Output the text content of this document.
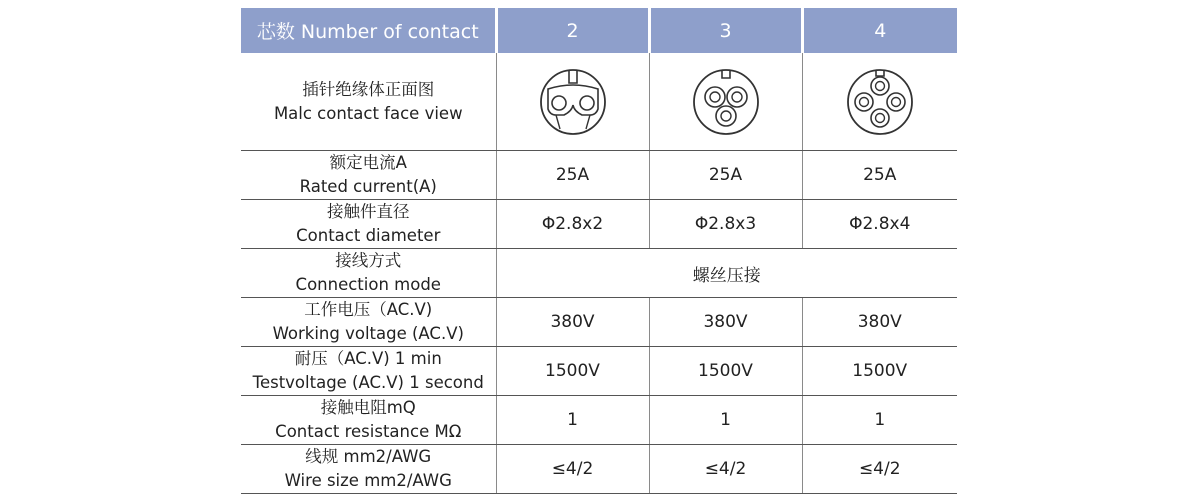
芯数 Number of contact	2	3	4

插针绝缘体正面图
Malc contact face view

额定电流A
Rated current(A)	25A	25A	25A

接触件直径
Contact diameter	Φ2.8x2	Φ2.8x3	Φ2.8x4

接线方式
Connection mode	螺丝压接		

工作电压（AC.V)
Working voltage (AC.V)	380V	380V	380V

耐压（AC.V) 1 min
Testvoltage (AC.V) 1 second	1500V	1500V	1500V

接触电阻mQ
Contact resistance MΩ	1	1	1

线规 mm2/AWG
Wire size mm2/AWG	≤4/2	≤4/2	≤4/2
